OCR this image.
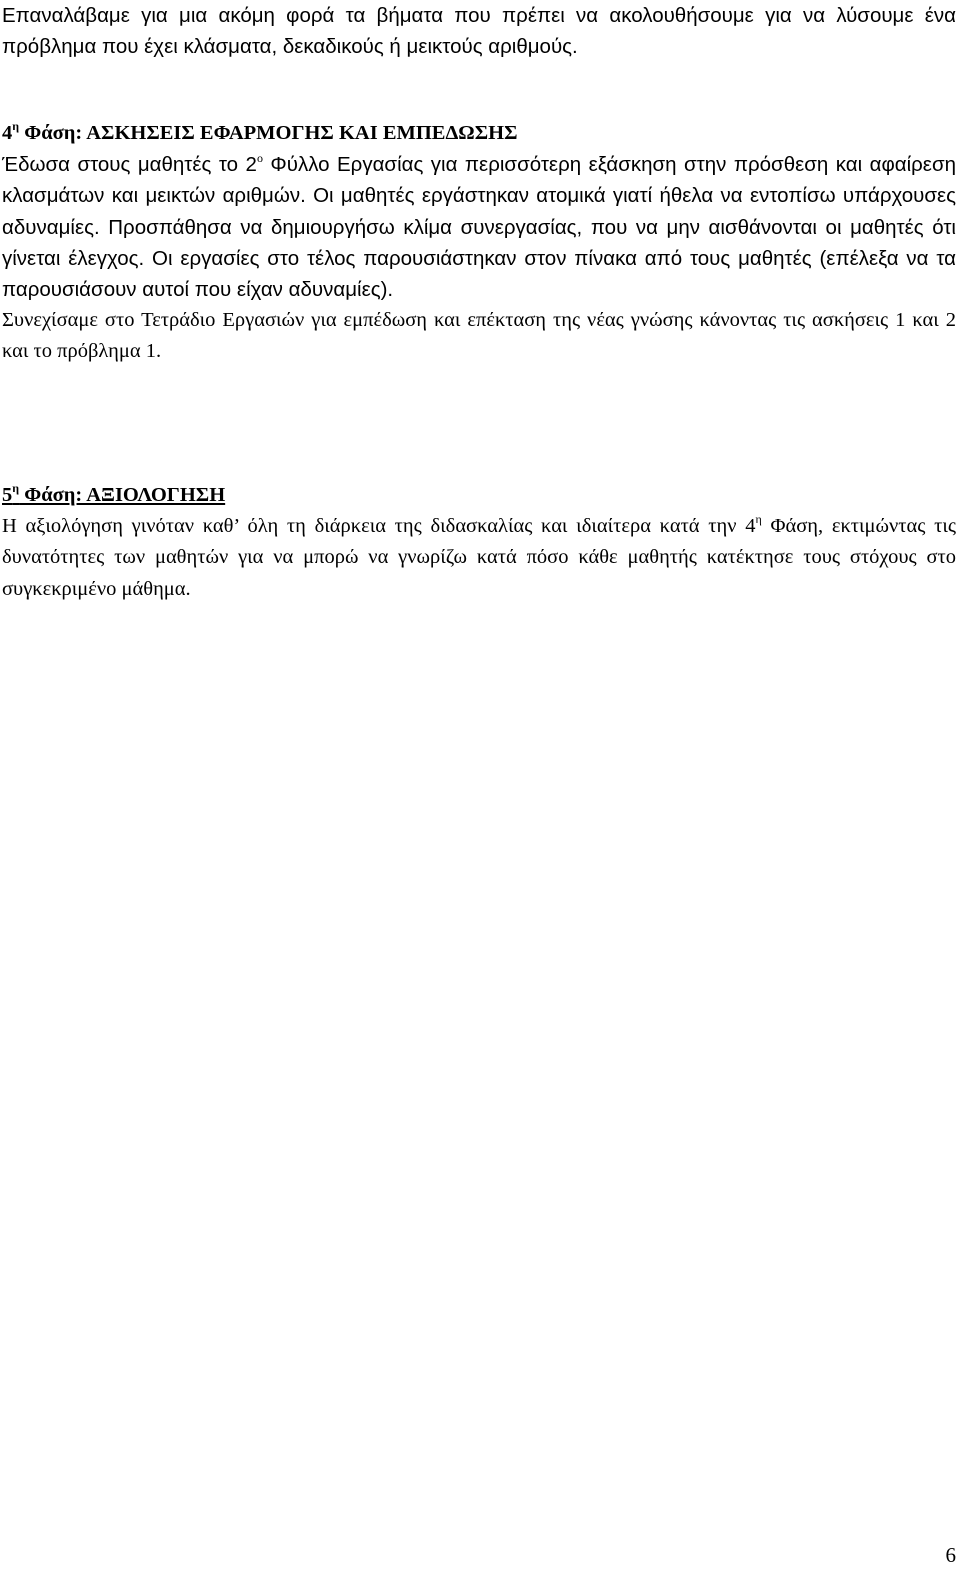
Επαναλάβαμε για μια ακόμη φορά τα βήματα που πρέπει να ακολουθήσουμε για να λύσουμε ένα πρόβλημα που έχει κλάσματα, δεκαδικούς ή μεικτούς αριθμούς.

$4^\eta$ Φάση: ΑΣΚΗΣΕΙΣ ΕΦΑΡΜΟΓΗΣ ΚΑΙ ΕΜΠΕΔΩΣΗΣ

Έδωσα στους μαθητές το $2^o$ Φύλλο Εργασίας για περισσότερη εξάσκηση στην πρόσθεση και αφαίρεση κλασμάτων και μεικτών αριθμών. Οι μαθητές εργάστηκαν ατομικά γιατί ήθελα να εντοπίσω υπάρχουσες αδυναμίες. Προσπάθησα να δημιουργήσω κλίμα συνεργασίας, που να μην αισθάνονται οι μαθητές ότι γίνεται έλεγχος. Οι εργασίες στο τέλος παρουσιάστηκαν στον πίνακα από τους μαθητές (επέλεξα να τα παρουσιάσουν αυτοί που είχαν αδυναμίες).

Συνεχίσαμε στο Τετράδιο Εργασιών για εμπέδωση και επέκταση της νέας γνώσης κάνοντας τις ασκήσεις 1 και 2 και το πρόβλημα 1.

$5^\eta$ Φάση: ΑΞΙΟΛΟΓΗΣΗ

Η αξιολόγηση γινόταν καθ’ όλη τη διάρκεια της διδασκαλίας και ιδιαίτερα κατά την $4^\eta$ Φάση, εκτιμώντας τις δυνατότητες των μαθητών για να μπορώ να γνωρίζω κατά πόσο κάθε μαθητής κατέκτησε τους στόχους στο συγκεκριμένο μάθημα.

6
